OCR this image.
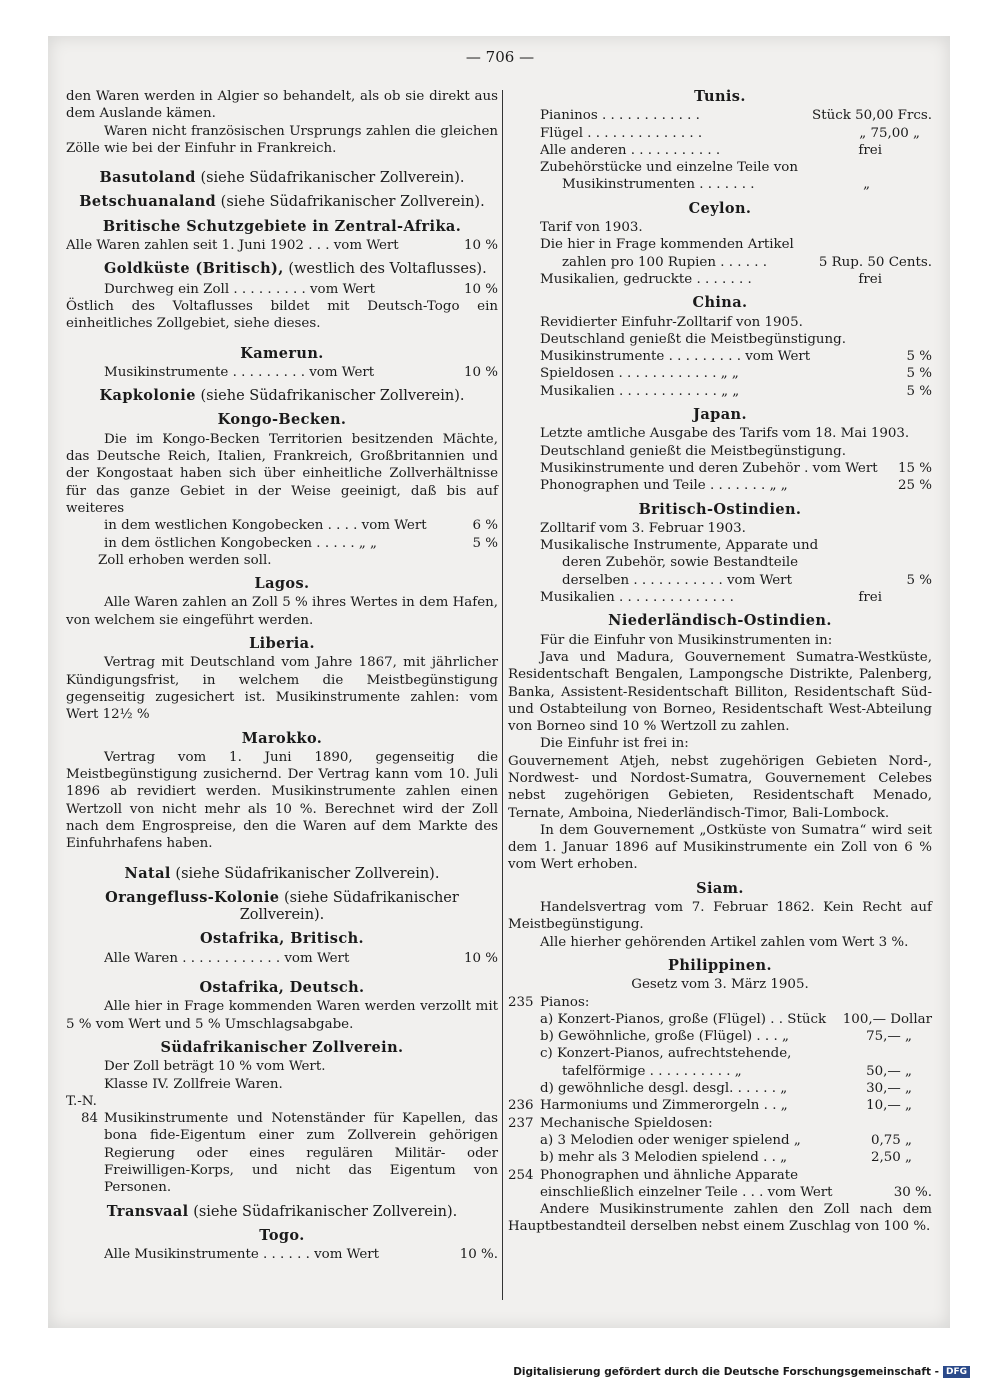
— 706 —

den Waren werden in Algier so behandelt, als ob sie direkt aus dem Auslande kämen.

Waren nicht französischen Ursprungs zahlen die gleichen Zölle wie bei der Einfuhr in Frankreich.

Basutoland (siehe Südafrikanischer Zollverein).

Betschuanaland (siehe Südafrikanischer Zollverein).

Britische Schutzgebiete in Zentral-Afrika.
Alle Waren zahlen seit 1. Juni 1902 . . . vom Wert	10 %

Goldküste (Britisch), (westlich des Voltaflusses).

Durchweg ein Zoll . . . . . . . . . vom Wert	10 %

Östlich des Voltaflusses bildet mit Deutsch-Togo ein einheitliches Zollgebiet, siehe dieses.

Kamerun.
Musikinstrumente . . . . . . . . . vom Wert	10 %

Kapkolonie (siehe Südafrikanischer Zollverein).

Kongo-Becken.

Die im Kongo-Becken Territorien besitzenden Mächte, das Deutsche Reich, Italien, Frankreich, Großbritannien und der Kongostaat haben sich über einheitliche Zollverhältnisse für das ganze Gebiet in der Weise geeinigt, daß bis auf weiteres

in dem westlichen Kongobecken . . . . vom Wert	6 %
in dem östlichen Kongobecken . . . . . „ „	5 %

Zoll erhoben werden soll.

Lagos.

Alle Waren zahlen an Zoll 5 % ihres Wertes in dem Hafen, von welchem sie eingeführt werden.

Liberia.

Vertrag mit Deutschland vom Jahre 1867, mit jährlicher Kündigungsfrist, in welchem die Meistbegünstigung gegenseitig zugesichert ist. Musikinstrumente zahlen: vom Wert 12½ %

Marokko.

Vertrag vom 1. Juni 1890, gegenseitig die Meistbegünstigung zusichernd. Der Vertrag kann vom 10. Juli 1896 ab revidiert werden. Musikinstrumente zahlen einen Wertzoll von nicht mehr als 10 %. Berechnet wird der Zoll nach dem Engrospreise, den die Waren auf dem Markte des Einfuhrhafens haben.

Natal (siehe Südafrikanischer Zollverein).

Orangefluss-Kolonie (siehe Südafrikanischer Zollverein).

Ostafrika, Britisch.
Alle Waren . . . . . . . . . . . . vom Wert	10 %
Ostafrika, Deutsch.

Alle hier in Frage kommenden Waren werden verzollt mit 5 % vom Wert und 5 % Umschlagsabgabe.

Südafrikanischer Zollverein.

Der Zoll beträgt 10 % vom Wert.

Klasse IV. Zollfreie Waren.

T.-N.

84 Musikinstrumente und Notenständer für Kapellen, das bona fide-Eigentum einer zum Zollverein gehörigen Regierung oder eines regulären Militär- oder Freiwilligen-Korps, und nicht das Eigentum von Personen.

Transvaal (siehe Südafrikanischer Zollverein).

Togo.
Alle Musikinstrumente . . . . . . vom Wert	10 %.
Tunis.
Pianinos . . . . . . . . . . . .	Stück 50,00 Frcs.
Flügel . . . . . . . . . . . . . .	„ 75,00 „
Alle anderen . . . . . . . . . . .	frei

Zubehörstücke und einzelne Teile von

Musikinstrumenten . . . . . . .	„
Ceylon.

Tarif von 1903.

Die hier in Frage kommenden Artikel

zahlen pro 100 Rupien . . . . . .	5 Rup. 50 Cents.
Musikalien, gedruckte . . . . . . .	frei
China.

Revidierter Einfuhr-Zolltarif von 1905.

Deutschland genießt die Meistbegünstigung.

Musikinstrumente . . . . . . . . . vom Wert	5 %
Spieldosen . . . . . . . . . . . . „ „	5 %
Musikalien . . . . . . . . . . . . „ „	5 %
Japan.

Letzte amtliche Ausgabe des Tarifs vom 18. Mai 1903.

Deutschland genießt die Meistbegünstigung.

Musikinstrumente und deren Zubehör . vom Wert	15 %
Phonographen und Teile . . . . . . . „ „	25 %
Britisch-Ostindien.

Zolltarif vom 3. Februar 1903.

Musikalische Instrumente, Apparate und

deren Zubehör, sowie Bestandteile

derselben . . . . . . . . . . . vom Wert	5 %
Musikalien . . . . . . . . . . . . . .	frei
Niederländisch-Ostindien.

Für die Einfuhr von Musikinstrumenten in:

Java und Madura, Gouvernement Sumatra-Westküste, Residentschaft Bengalen, Lampongsche Distrikte, Palenberg, Banka, Assistent-Residentschaft Billiton, Residentschaft Süd- und Ostabteilung von Borneo, Residentschaft West-Abteilung von Borneo sind 10 % Wertzoll zu zahlen.

Die Einfuhr ist frei in:

Gouvernement Atjeh, nebst zugehörigen Gebieten Nord-, Nordwest- und Nordost-Sumatra, Gouvernement Celebes nebst zugehörigen Gebieten, Residentschaft Menado, Ternate, Amboina, Niederländisch-Timor, Bali-Lombock.

In dem Gouvernement „Ostküste von Sumatra“ wird seit dem 1. Januar 1896 auf Musikinstrumente ein Zoll von 6 % vom Wert erhoben.

Siam.

Handelsvertrag vom 7. Februar 1862. Kein Recht auf Meistbegünstigung.

Alle hierher gehörenden Artikel zahlen vom Wert 3 %.

Philippinen.

Gesetz vom 3. März 1905.

235 Pianos:
a) Konzert-Pianos, große (Flügel) . . Stück	100,— Dollar
b) Gewöhnliche, große (Flügel) . . . „	75,— „

c) Konzert-Pianos, aufrechtstehende,

tafelförmige . . . . . . . . . . „	50,— „
d) gewöhnliche desgl. desgl. . . . . . „	30,— „
236 Harmoniums und Zimmerorgeln . . „	10,— „
237 Mechanische Spieldosen:
a) 3 Melodien oder weniger spielend „	0,75 „
b) mehr als 3 Melodien spielend . . „	2,50 „
254 Phonographen und ähnliche Apparate
einschließlich einzelner Teile . . . vom Wert	30 %.

Andere Musikinstrumente zahlen den Zoll nach dem Hauptbestandteil derselben nebst einem Zuschlag von 100 %.

Digitalisierung gefördert durch die Deutsche Forschungsgemeinschaft - DFG
